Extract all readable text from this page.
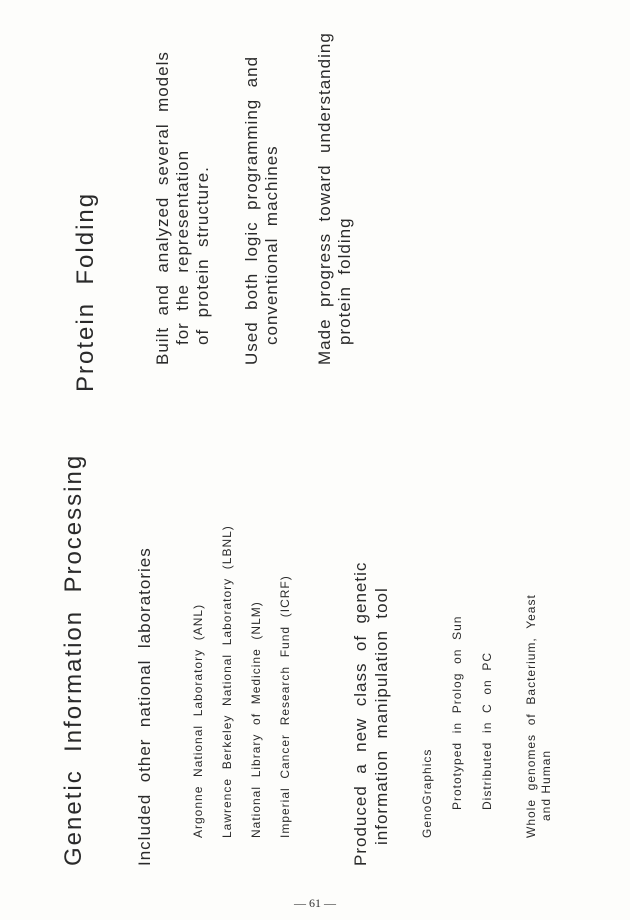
Genetic  Information  Processing	Included  other  national  laboratories	Argonne  National  Laboratory  (ANL) Lawrence  Berkeley  National  Laboratory  (LBNL) National  Library  of  Medicine  (NLM) Imperial  Cancer  Research  Fund  (ICRF)	Produced  a  new  class  of  genetic information  manipulation  tool GenoGraphics Prototyped  in  Prolog  on  Sun Distributed  in  C  on  PC	Whole  genomes  of  Bacterium,  Yeast and Human
Protein  Folding	Built  and  analyzed  several  models for  the  representation of  protein  structure. Used  both  logic  programming  and conventional  machines Made  progress  toward  understanding protein  folding
— 61 —
